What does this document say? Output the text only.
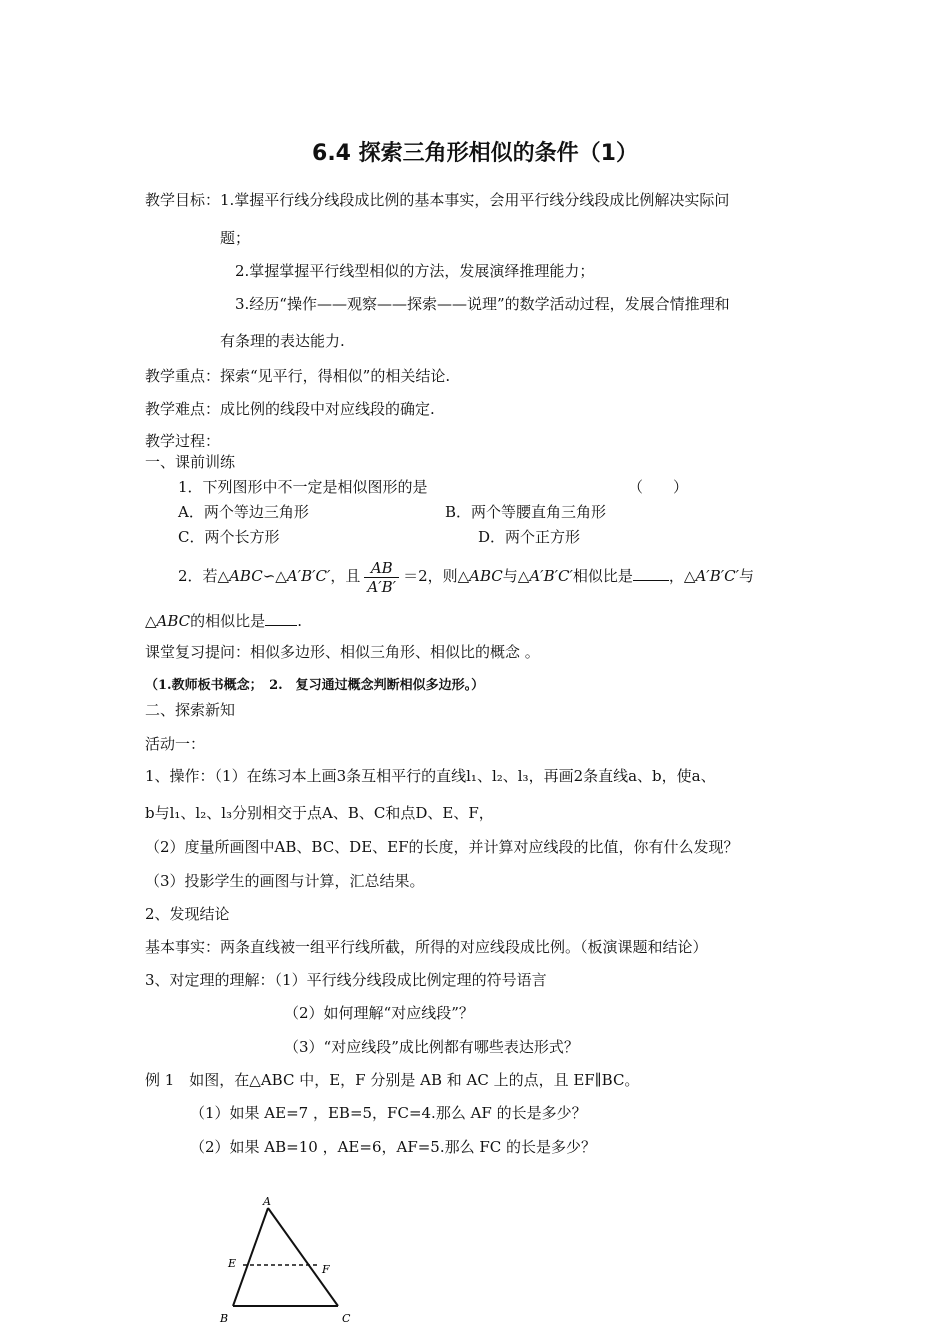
6.4 探索三角形相似的条件（1）
教学目标：1.掌握平行线分线段成比例的基本事实，会用平行线分线段成比例解决实际问
题；
2.掌握掌握平行线型相似的方法，发展演绎推理能力；
3.经历“操作——观察——探索——说理”的数学活动过程，发展合情推理和
有条理的表达能力.
教学重点：探索“见平行，得相似”的相关结论.
教学难点：成比例的线段中对应线段的确定.
教学过程：
一、课前训练
1．下列图形中不一定是相似图形的是	（　　）
A．两个等边三角形	B．两个等腰直角三角形
C．两个长方形	D．两个正方形
2．若△ABC∽△A′B′C′，且 $\frac{AB}{A'B'} =2$，则△ABC与△A′B′C′相似比是 ，△A′B′C′与
△ABC的相似比是 .
课堂复习提问：相似多边形、相似三角形、相似比的概念 。
（1.教师板书概念；　2.　复习通过概念判断相似多边形。）
二、探索新知
活动一：
1、操作：（1）在练习本上画3条互相平行的直线l₁、l₂、l₃，再画2条直线a、b，使a、
b与l₁、l₂、l₃分别相交于点A、B、C和点D、E、F，
（2）度量所画图中AB、BC、DE、EF的长度，并计算对应线段的比值，你有什么发现？
（3）投影学生的画图与计算，汇总结果。
2、发现结论
基本事实：两条直线被一组平行线所截，所得的对应线段成比例。（板演课题和结论）
3、对定理的理解：（1）平行线分线段成比例定理的符号语言
（2）如何理解“对应线段”？
（3）“对应线段”成比例都有哪些表达形式？
例 1　如图，在△ABC 中，E，F 分别是 AB 和 AC 上的点，且 EF∥BC。
（1）如果 AE=7 ，EB=5，FC=4.那么 AF 的长是多少？
（2）如果 AB=10 ，AE=6，AF=5.那么 FC 的长是多少？
A
E	F
B	C
